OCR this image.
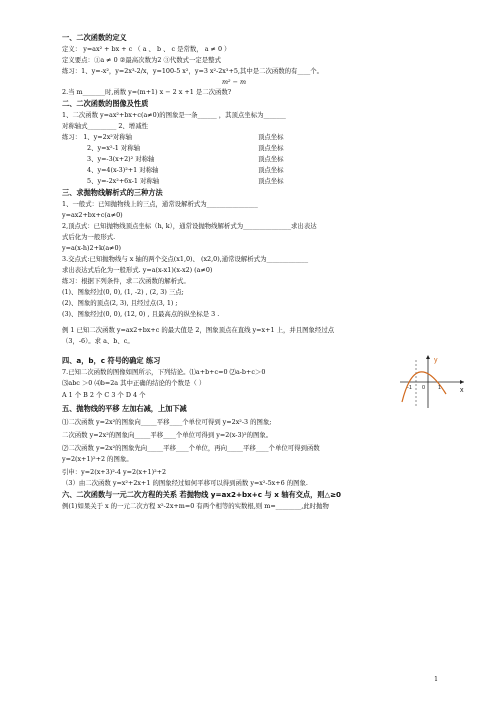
一、二次函数的定义
定义： y=ax² + bx + c （ a 、 b 、 c 是常数， a ≠ 0 ）
定义要点：①a ≠ 0 ②最高次数为2 ③代数式一定是整式
练习：1、y=-x²，y=2x³-2/x，y=100-5 x²，y=3 x²-2x³+5,其中是二次函数的有____个。
m² − m
2.当 m_______时,函数 y=(m+1) x − 2 x +1 是二次函数?
二、二次函数的图像及性质
1、二次函数 y=ax²+bx+c(a≠0)的图象是一条______ ，其顶点坐标为_______
对称轴式_________ 2、增减性
练习： 1、y=2x²对称轴
2、y=x²-1 对称轴
3、y=-3(x+2)² 对称轴
4、y=4(x-3)²+1 对称轴
5、y=-2x²+6x-1 对称轴
顶点坐标
顶点坐标
顶点坐标
顶点坐标
顶点坐标
三、求抛物线解析式的三种方法
1、一般式：已知抛物线上的三点，通常设解析式为________________
y=ax2+bx+c(a≠0)
2,顶点式：已知抛物线顶点坐标（h, k），通常设抛物线解析式为_______________求出表达
式后化为一般形式.
y=a(x-h)2+k(a≠0)
3.交点式:已知抛物线与 x 轴的两个交点(x1,0)、 (x2,0),通常设解析式为_____________
求出表达式后化为一般形式. y=a(x-x1)(x-x2) (a≠0)
练习：根据下列条件，求二次函数的解析式。
(1)、图象经过(0, 0), (1, -2) , (2, 3) 三点;
(2)、图象的顶点(2, 3), 且经过点(3, 1) ;
(3)、图象经过(0, 0), (12, 0) , 且最高点的纵坐标是 3 .
例 1 已知二次函数 y=ax2+bx+c 的最大值是 2，图象顶点在直线 y=x+1 上，并且图象经过点
（3，-6）。求 a、b、c。
四、a，b，c 符号的确定 练习
7.已知二次函数的图像如图所示，下列结论。⑴a+b+c=0 ⑵a-b+c＞0
⑶abc ＞0 ⑷b=2a 其中正确的结论的个数是（ ）
A 1 个 B 2 个 C 3 个 D 4 个
y
x
0
-1	1
五、抛物线的平移 左加右减，上加下减
⑴二次函数 y=2x²的图象向_____平移____个单位可得到 y=2x²-3 的图象;
二次函数 y=2x²的图象向_____平移____个单位可得到 y=2(x-3)²的图象。
⑵二次函数 y=2x²的图象先向_____平移____个单位，再向_____平移____个单位可得到函数
y=2(x+1)²+2 的图象。
引申：y=2(x+3)²-4 y=2(x+1)²+2
（3）由二次函数 y=x²+2x+1 的图象经过如何平移可以得到函数 y=x²-5x+6 的图象.
六、二次函数与一元二次方程的关系 若抛物线 y=ax2+bx+c 与 x 轴有交点，则△≥0
例(1)如果关于 x 的一元二次方程 x²-2x+m=0 有两个相等的实数根,则 m=________,此时抛物
1
